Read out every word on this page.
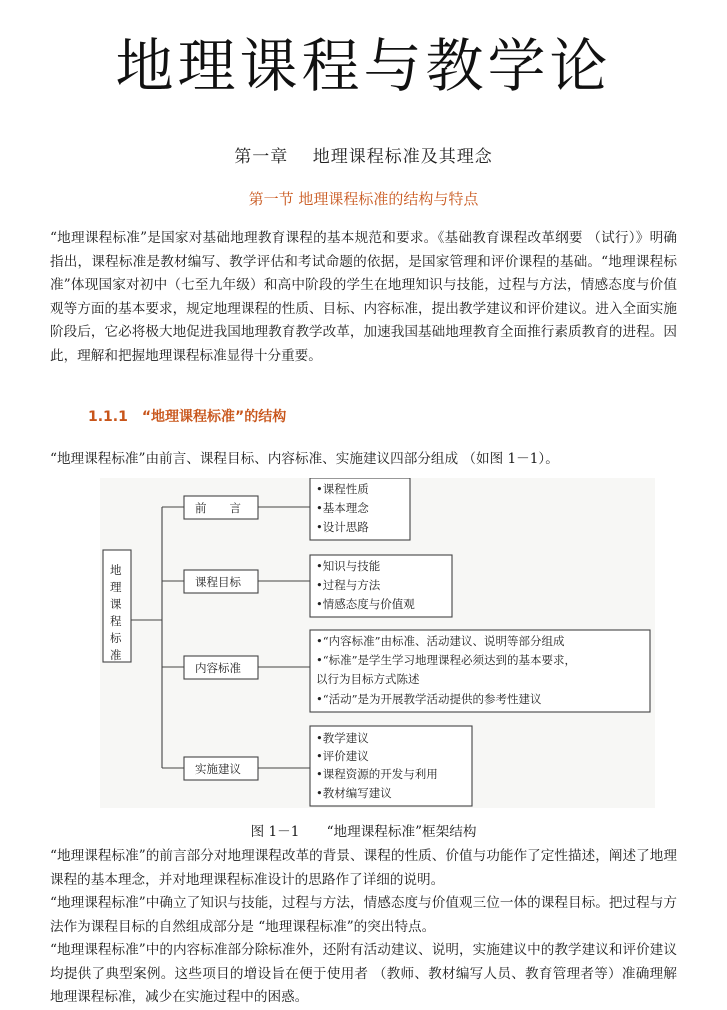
地理课程与教学论
第一章　 地理课程标准及其理念
第一节 地理课程标准的结构与特点

“地理课程标准”是国家对基础地理教育课程的基本规范和要求。《基础教育课程改革纲要 （试行）》明确指出，课程标准是教材编写、教学评估和考试命题的依据，是国家管理和评价课程的基础。“地理课程标准”体现国家对初中（七至九年级）和高中阶段的学生在地理知识与技能，过程与方法，情感态度与价值观等方面的基本要求，规定地理课程的性质、目标、内容标准，提出教学建议和评价建议。进入全面实施阶段后，它必将极大地促进我国地理教育教学改革，加速我国基础地理教育全面推行素质教育的进程。因此，理解和把握地理课程标准显得十分重要。

1.1.1　“地理课程标准”的结构

“地理课程标准”由前言、课程目标、内容标准、实施建议四部分组成 （如图 1－1）。

地 理 课 程 标 准
前　　言
课程目标
内容标准
实施建议
•课程性质
•基本理念
•设计思路
•知识与技能
•过程与方法
•情感态度与价值观
•“内容标准”由标准、活动建议、说明等部分组成
•“标准”是学生学习地理课程必须达到的基本要求，
以行为目标方式陈述
•“活动”是为开展教学活动提供的参考性建议
•教学建议
•评价建议
•课程资源的开发与利用
•教材编写建议
图 1－1　　“地理课程标准”框架结构

“地理课程标准”的前言部分对地理课程改革的背景、课程的性质、价值与功能作了定性描述，阐述了地理课程的基本理念，并对地理课程标准设计的思路作了详细的说明。

“地理课程标准”中确立了知识与技能，过程与方法，情感态度与价值观三位一体的课程目标。把过程与方法作为课程目标的自然组成部分是 “地理课程标准”的突出特点。

“地理课程标准”中的内容标准部分除标准外，还附有活动建议、说明，实施建议中的教学建议和评价建议均提供了典型案例。这些项目的增设旨在便于使用者 （教师、教材编写人员、教育管理者等）准确理解地理课程标准，减少在实施过程中的困惑。
